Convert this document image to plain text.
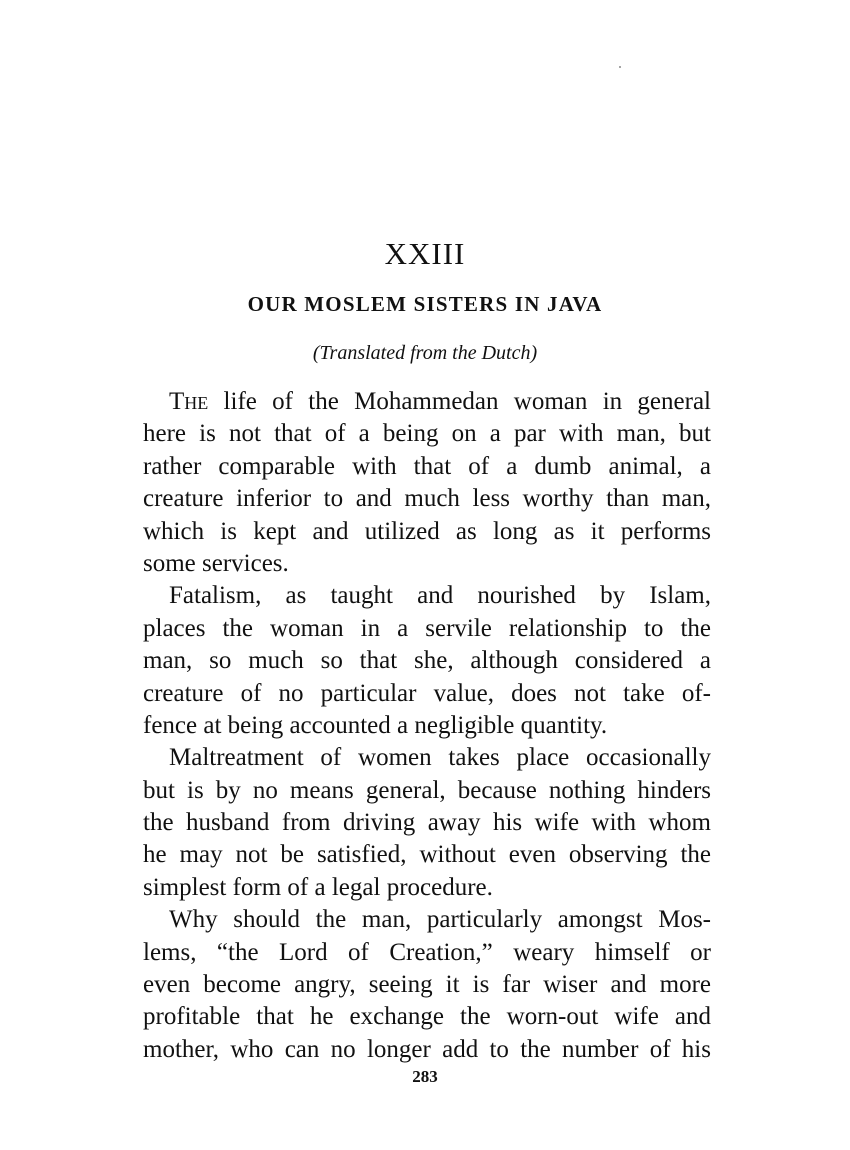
XXIII
OUR MOSLEM SISTERS IN JAVA
(Translated from the Dutch)
The life of the Mohammedan woman in general
here is not that of a being on a par with man, but
rather comparable with that of a dumb animal, a
creature inferior to and much less worthy than man,
which is kept and utilized as long as it performs
some services.
Fatalism, as taught and nourished by Islam,
places the woman in a servile relationship to the
man, so much so that she, although considered a
creature of no particular value, does not take of-
fence at being accounted a negligible quantity.
Maltreatment of women takes place occasionally
but is by no means general, because nothing hinders
the husband from driving away his wife with whom
he may not be satisfied, without even observing the
simplest form of a legal procedure.
Why should the man, particularly amongst Mos-
lems, “the Lord of Creation,” weary himself or
even become angry, seeing it is far wiser and more
profitable that he exchange the worn-out wife and
mother, who can no longer add to the number of his
283
